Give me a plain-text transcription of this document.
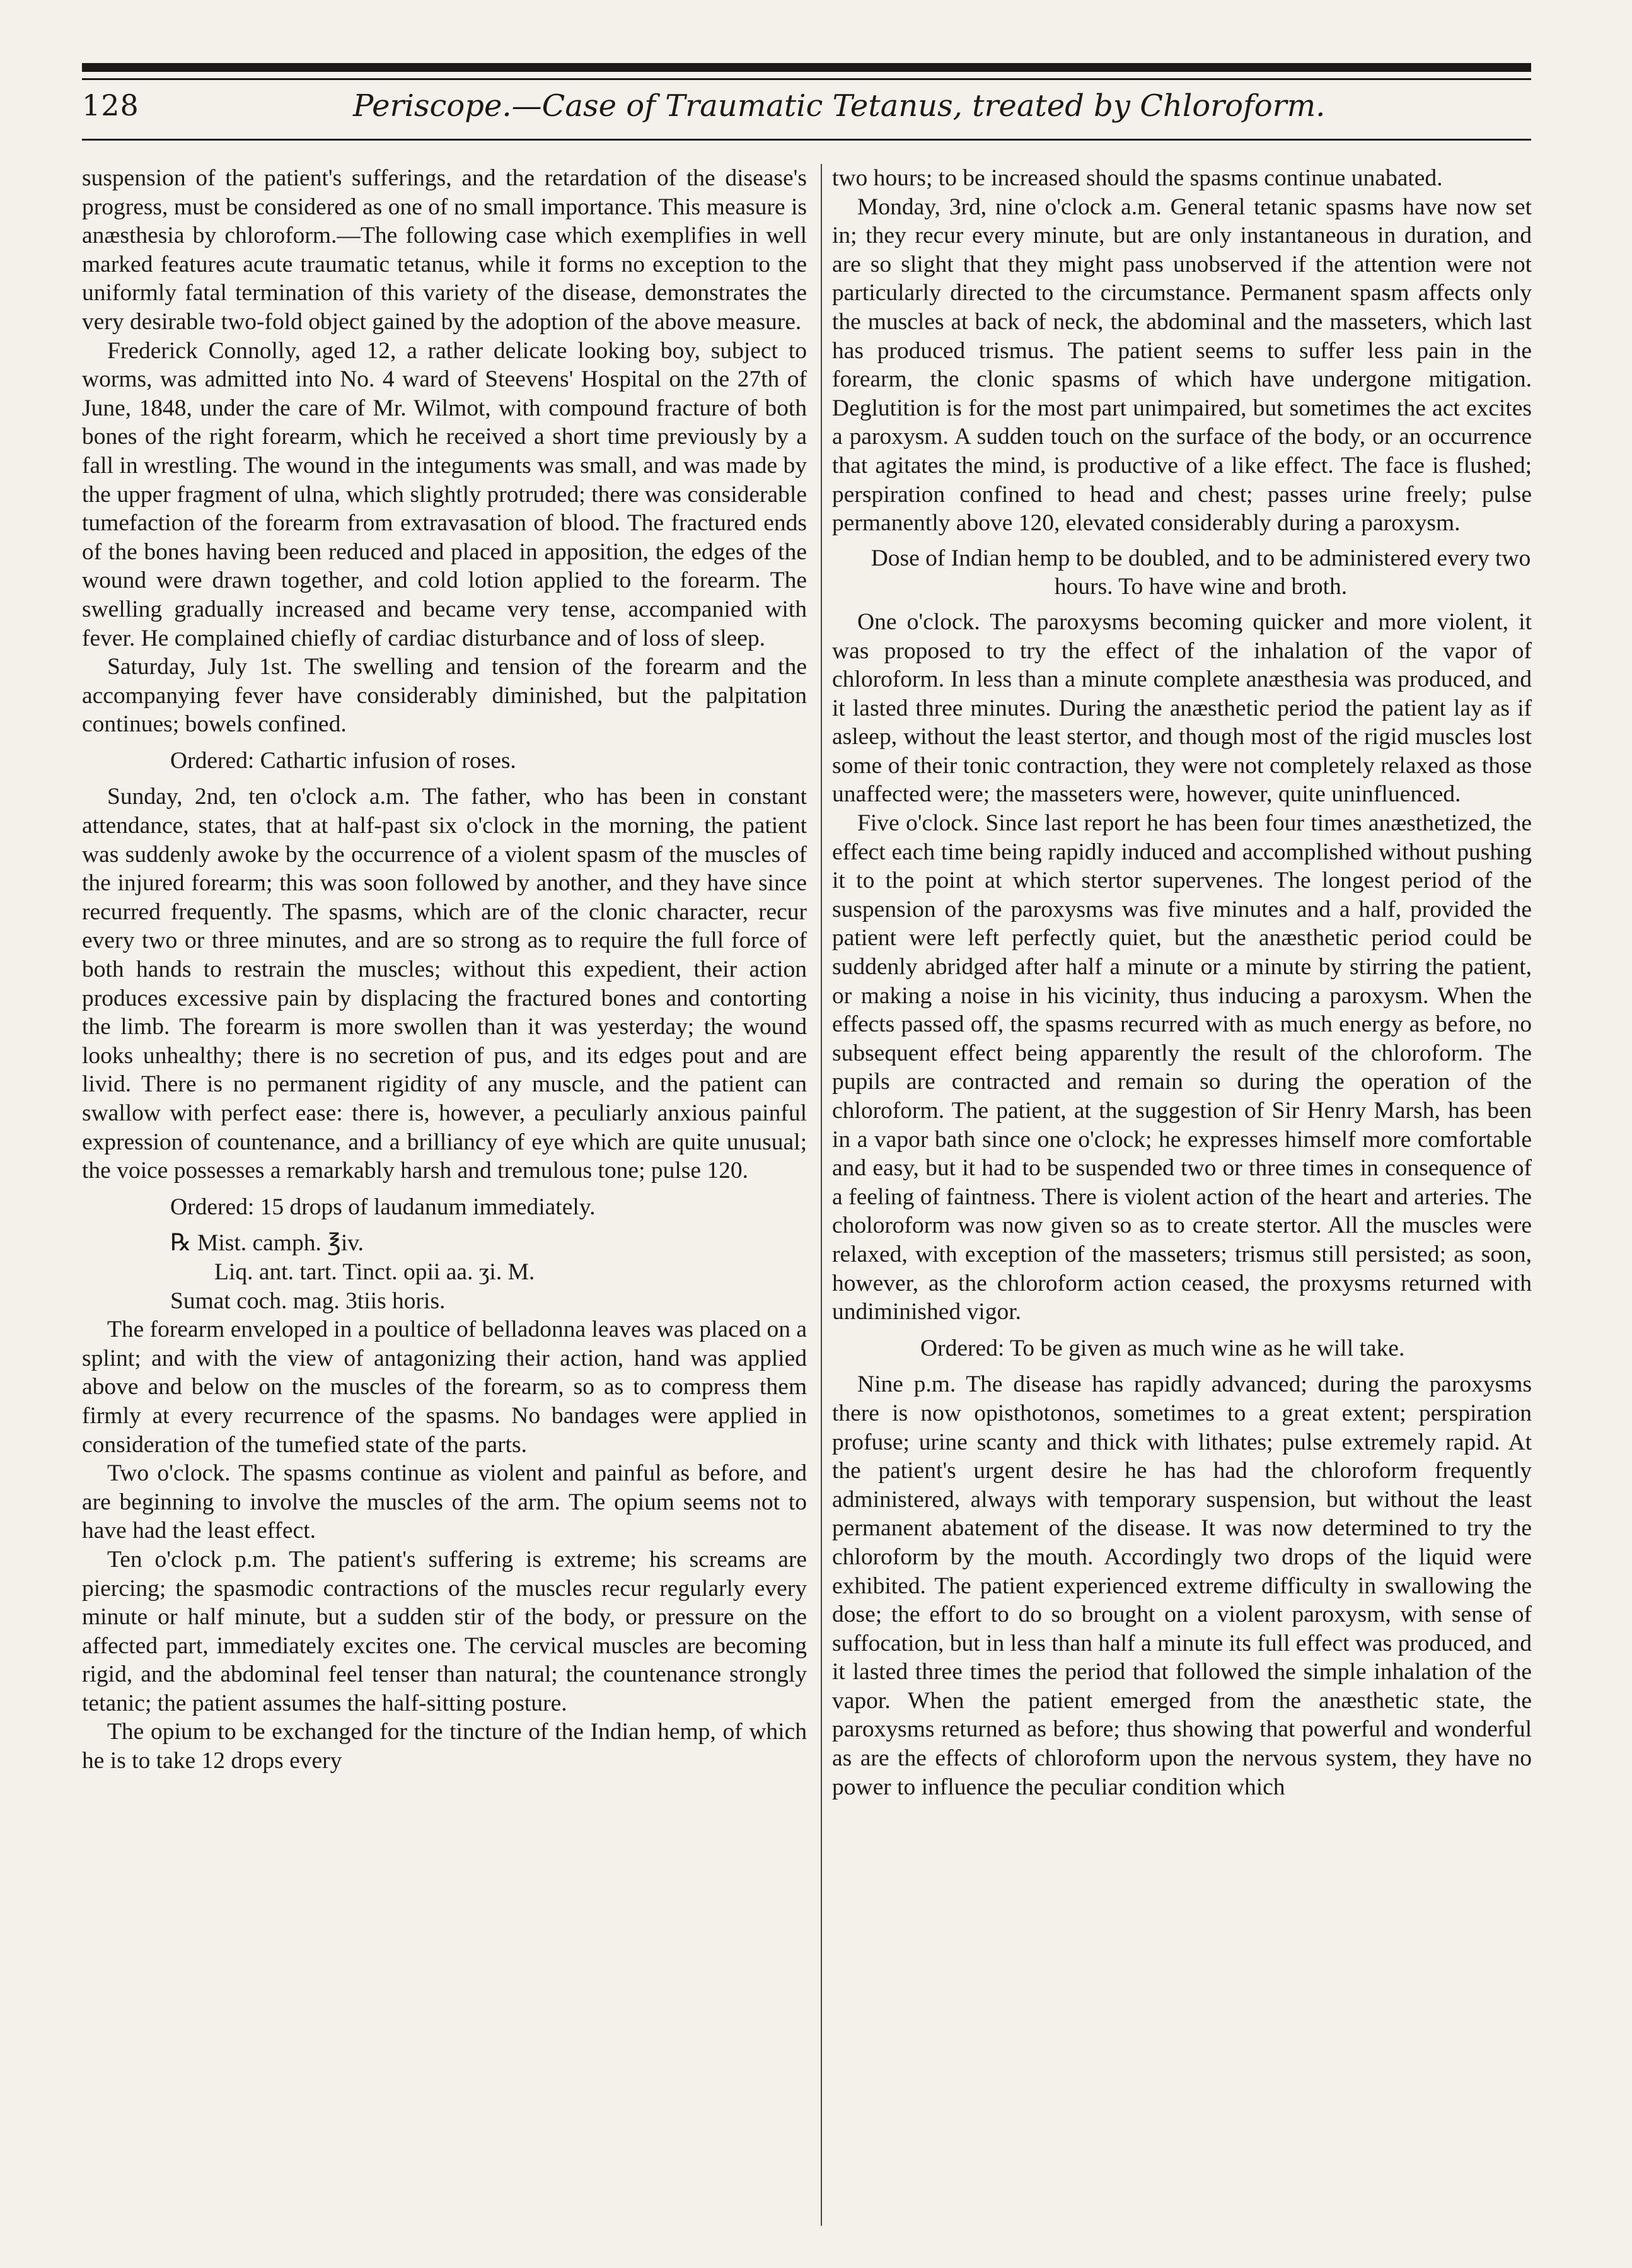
128	Periscope.—Case of Traumatic Tetanus, treated by Chloroform.

suspension of the patient's sufferings, and the retardation of the disease's progress, must be considered as one of no small importance. This measure is anæsthesia by chloroform.—The following case which exemplifies in well marked features acute traumatic tetanus, while it forms no exception to the uniformly fatal termination of this variety of the disease, demonstrates the very desirable two-fold object gained by the adoption of the above measure.

Frederick Connolly, aged 12, a rather delicate looking boy, subject to worms, was admitted into No. 4 ward of Steevens' Hospital on the 27th of June, 1848, under the care of Mr. Wilmot, with compound fracture of both bones of the right forearm, which he received a short time previously by a fall in wrestling. The wound in the integuments was small, and was made by the upper fragment of ulna, which slightly protruded; there was considerable tumefaction of the forearm from extravasation of blood. The fractured ends of the bones having been reduced and placed in apposition, the edges of the wound were drawn together, and cold lotion applied to the forearm. The swelling gradually increased and became very tense, accompanied with fever. He complained chiefly of cardiac disturbance and of loss of sleep.

Saturday, July 1st. The swelling and tension of the forearm and the accompanying fever have considerably diminished, but the palpitation continues; bowels confined.

Ordered: Cathartic infusion of roses.

Sunday, 2nd, ten o'clock a.m. The father, who has been in constant attendance, states, that at half-past six o'clock in the morning, the patient was suddenly awoke by the occurrence of a violent spasm of the muscles of the injured forearm; this was soon followed by another, and they have since recurred frequently. The spasms, which are of the clonic character, recur every two or three minutes, and are so strong as to require the full force of both hands to restrain the muscles; without this expedient, their action produces excessive pain by displacing the fractured bones and contorting the limb. The forearm is more swollen than it was yesterday; the wound looks unhealthy; there is no secretion of pus, and its edges pout and are livid. There is no permanent rigidity of any muscle, and the patient can swallow with perfect ease: there is, however, a peculiarly anxious painful expression of countenance, and a brilliancy of eye which are quite unusual; the voice possesses a remarkably harsh and tremulous tone; pulse 120.

Ordered: 15 drops of laudanum immediately.

℞ Mist. camph. ℥iv.

Liq. ant. tart. Tinct. opii aa. ʒi. M.

Sumat coch. mag. 3tiis horis.

The forearm enveloped in a poultice of belladonna leaves was placed on a splint; and with the view of antagonizing their action, hand was applied above and below on the muscles of the forearm, so as to compress them firmly at every recurrence of the spasms. No bandages were applied in consideration of the tumefied state of the parts.

Two o'clock. The spasms continue as violent and painful as before, and are beginning to involve the muscles of the arm. The opium seems not to have had the least effect.

Ten o'clock p.m. The patient's suffering is extreme; his screams are piercing; the spasmodic contractions of the muscles recur regularly every minute or half minute, but a sudden stir of the body, or pressure on the affected part, immediately excites one. The cervical muscles are becoming rigid, and the abdominal feel tenser than natural; the countenance strongly tetanic; the patient assumes the half-sitting posture.

The opium to be exchanged for the tincture of the Indian hemp, of which he is to take 12 drops every

two hours; to be increased should the spasms continue unabated.

Monday, 3rd, nine o'clock a.m. General tetanic spasms have now set in; they recur every minute, but are only instantaneous in duration, and are so slight that they might pass unobserved if the attention were not particularly directed to the circumstance. Permanent spasm affects only the muscles at back of neck, the abdominal and the masseters, which last has produced trismus. The patient seems to suffer less pain in the forearm, the clonic spasms of which have undergone mitigation. Deglutition is for the most part unimpaired, but sometimes the act excites a paroxysm. A sudden touch on the surface of the body, or an occurrence that agitates the mind, is productive of a like effect. The face is flushed; perspiration confined to head and chest; passes urine freely; pulse permanently above 120, elevated considerably during a paroxysm.

Dose of Indian hemp to be doubled, and to be administered every two hours. To have wine and broth.

One o'clock. The paroxysms becoming quicker and more violent, it was proposed to try the effect of the inhalation of the vapor of chloroform. In less than a minute complete anæsthesia was produced, and it lasted three minutes. During the anæsthetic period the patient lay as if asleep, without the least stertor, and though most of the rigid muscles lost some of their tonic contraction, they were not completely relaxed as those unaffected were; the masseters were, however, quite uninfluenced.

Five o'clock. Since last report he has been four times anæsthetized, the effect each time being rapidly induced and accomplished without pushing it to the point at which stertor supervenes. The longest period of the suspension of the paroxysms was five minutes and a half, provided the patient were left perfectly quiet, but the anæsthetic period could be suddenly abridged after half a minute or a minute by stirring the patient, or making a noise in his vicinity, thus inducing a paroxysm. When the effects passed off, the spasms recurred with as much energy as before, no subsequent effect being apparently the result of the chloroform. The pupils are contracted and remain so during the operation of the chloroform. The patient, at the suggestion of Sir Henry Marsh, has been in a vapor bath since one o'clock; he expresses himself more comfortable and easy, but it had to be suspended two or three times in consequence of a feeling of faintness. There is violent action of the heart and arteries. The choloroform was now given so as to create stertor. All the muscles were relaxed, with exception of the masseters; trismus still persisted; as soon, however, as the chloroform action ceased, the proxysms returned with undiminished vigor.

Ordered: To be given as much wine as he will take.

Nine p.m. The disease has rapidly advanced; during the paroxysms there is now opisthotonos, sometimes to a great extent; perspiration profuse; urine scanty and thick with lithates; pulse extremely rapid. At the patient's urgent desire he has had the chloroform frequently administered, always with temporary suspension, but without the least permanent abatement of the disease. It was now determined to try the chloroform by the mouth. Accordingly two drops of the liquid were exhibited. The patient experienced extreme difficulty in swallowing the dose; the effort to do so brought on a violent paroxysm, with sense of suffocation, but in less than half a minute its full effect was produced, and it lasted three times the period that followed the simple inhalation of the vapor. When the patient emerged from the anæsthetic state, the paroxysms returned as before; thus showing that powerful and wonderful as are the effects of chloroform upon the nervous system, they have no power to influence the peculiar condition which
